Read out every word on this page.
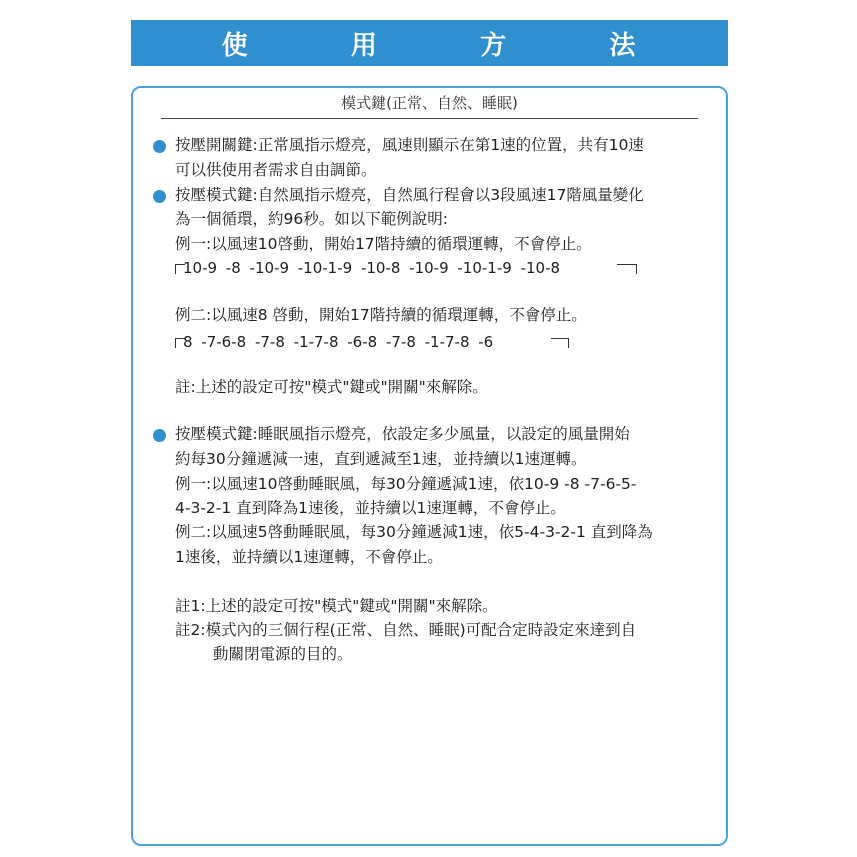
使	用	方	法
模式鍵(正常、自然、睡眠)
按壓開關鍵:正常風指示燈亮，風速則顯示在第1速的位置，共有10速
可以供使用者需求自由調節。
按壓模式鍵:自然風指示燈亮，自然風行程會以3段風速17階風量變化
為一個循環，約96秒。如以下範例說明:
例一:以風速10啓動，開始17階持續的循環運轉，不會停止。
10-9 -8 -10-9 -10-1-9 -10-8 -10-9 -10-1-9 -10-8
例二:以風速8 啓動，開始17階持續的循環運轉，不會停止。
8 -7-6-8 -7-8 -1-7-8 -6-8 -7-8 -1-7-8 -6
註:上述的設定可按"模式"鍵或"開關"來解除。
按壓模式鍵:睡眠風指示燈亮，依設定多少風量，以設定的風量開始
約每30分鐘遞減一速，直到遞減至1速，並持續以1速運轉。
例一:以風速10啓動睡眠風，每30分鐘遞減1速，依10-9 -8 -7-6-5-
4-3-2-1 直到降為1速後，並持續以1速運轉，不會停止。
例二:以風速5啓動睡眠風，每30分鐘遞減1速，依5-4-3-2-1 直到降為
1速後，並持續以1速運轉，不會停止。
註1:上述的設定可按"模式"鍵或"開關"來解除。
註2:模式內的三個行程(正常、自然、睡眠)可配合定時設定來達到自
動關閉電源的目的。
